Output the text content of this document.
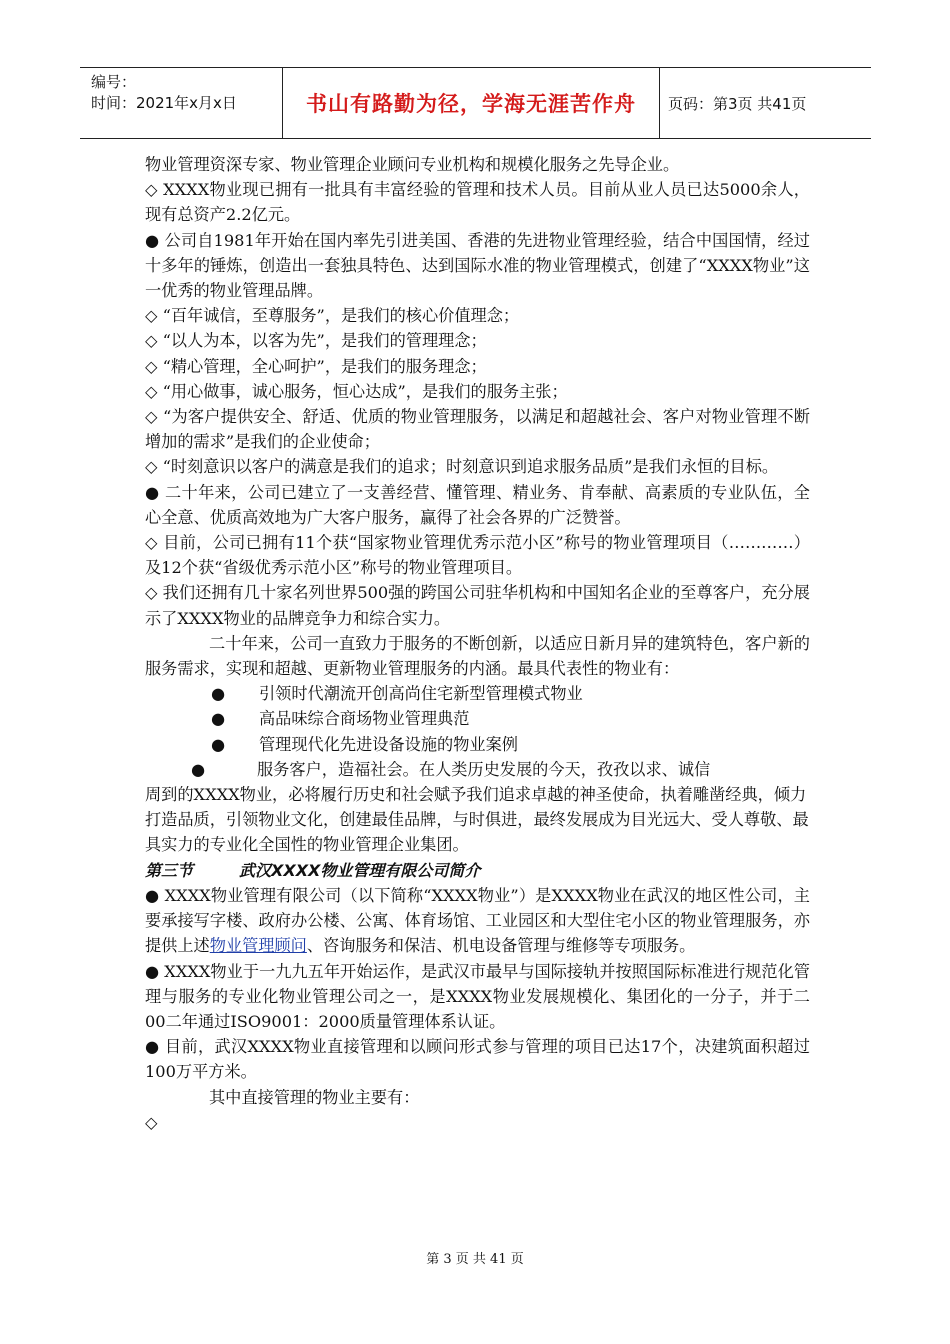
编号：
时间：2021年x月x日	书山有路勤为径，学海无涯苦作舟	页码：第3页 共41页

物业管理资深专家、物业管理企业顾问专业机构和规模化服务之先导企业。

◇ XXXX物业现已拥有一批具有丰富经验的管理和技术人员。目前从业人员已达5000余人，现有总资产2.2亿元。

● 公司自1981年开始在国内率先引进美国、香港的先进物业管理经验，结合中国国情，经过十多年的锤炼，创造出一套独具特色、达到国际水准的物业管理模式，创建了“XXXX物业”这一优秀的物业管理品牌。

◇ “百年诚信，至尊服务”，是我们的核心价值理念；

◇ “以人为本，以客为先”，是我们的管理理念；

◇ “精心管理，全心呵护”，是我们的服务理念；

◇ “用心做事，诚心服务，恒心达成”，是我们的服务主张；

◇ “为客户提供安全、舒适、优质的物业管理服务，以满足和超越社会、客户对物业管理不断增加的需求”是我们的企业使命；

◇ “时刻意识以客户的满意是我们的追求；时刻意识到追求服务品质”是我们永恒的目标。

● 二十年来，公司已建立了一支善经营、懂管理、精业务、肯奉献、高素质的专业队伍，全心全意、优质高效地为广大客户服务，赢得了社会各界的广泛赞誉。

◇ 目前，公司已拥有11个获“国家物业管理优秀示范小区”称号的物业管理项目（…………）及12个获“省级优秀示范小区”称号的物业管理项目。

◇ 我们还拥有几十家名列世界500强的跨国公司驻华机构和中国知名企业的至尊客户，充分展示了XXXX物业的品牌竞争力和综合实力。

二十年来，公司一直致力于服务的不断创新，以适应日新月异的建筑特色，客户新的服务需求，实现和超越、更新物业管理服务的内涵。最具代表性的物业有：

●	引领时代潮流开创高尚住宅新型管理模式物业
●	高品味综合商场物业管理典范
●	管理现代化先进设备设施的物业案例
●	服务客户，造福社会。在人类历史发展的今天，孜孜以求、诚信
周到的XXXX物业，必将履行历史和社会赋予我们追求卓越的神圣使命，执着雕凿经典，倾力打造品质，引领物业文化，创建最佳品牌，与时俱进，最终发展成为目光远大、受人尊敬、最具实力的专业化全国性的物业管理企业集团。

第三节	武汉XXXX物业管理有限公司简介

● XXXX物业管理有限公司（以下简称“XXXX物业”）是XXXX物业在武汉的地区性公司，主要承接写字楼、政府办公楼、公寓、体育场馆、工业园区和大型住宅小区的物业管理服务，亦提供上述物业管理顾问、咨询服务和保洁、机电设备管理与维修等专项服务。

● XXXX物业于一九九五年开始运作，是武汉市最早与国际接轨并按照国际标准进行规范化管理与服务的专业化物业管理公司之一，是XXXX物业发展规模化、集团化的一分子，并于二00二年通过ISO9001：2000质量管理体系认证。

● 目前，武汉XXXX物业直接管理和以顾问形式参与管理的项目已达17个，决建筑面积超过100万平方米。

其中直接管理的物业主要有：

◇

第 3 页 共 41 页
